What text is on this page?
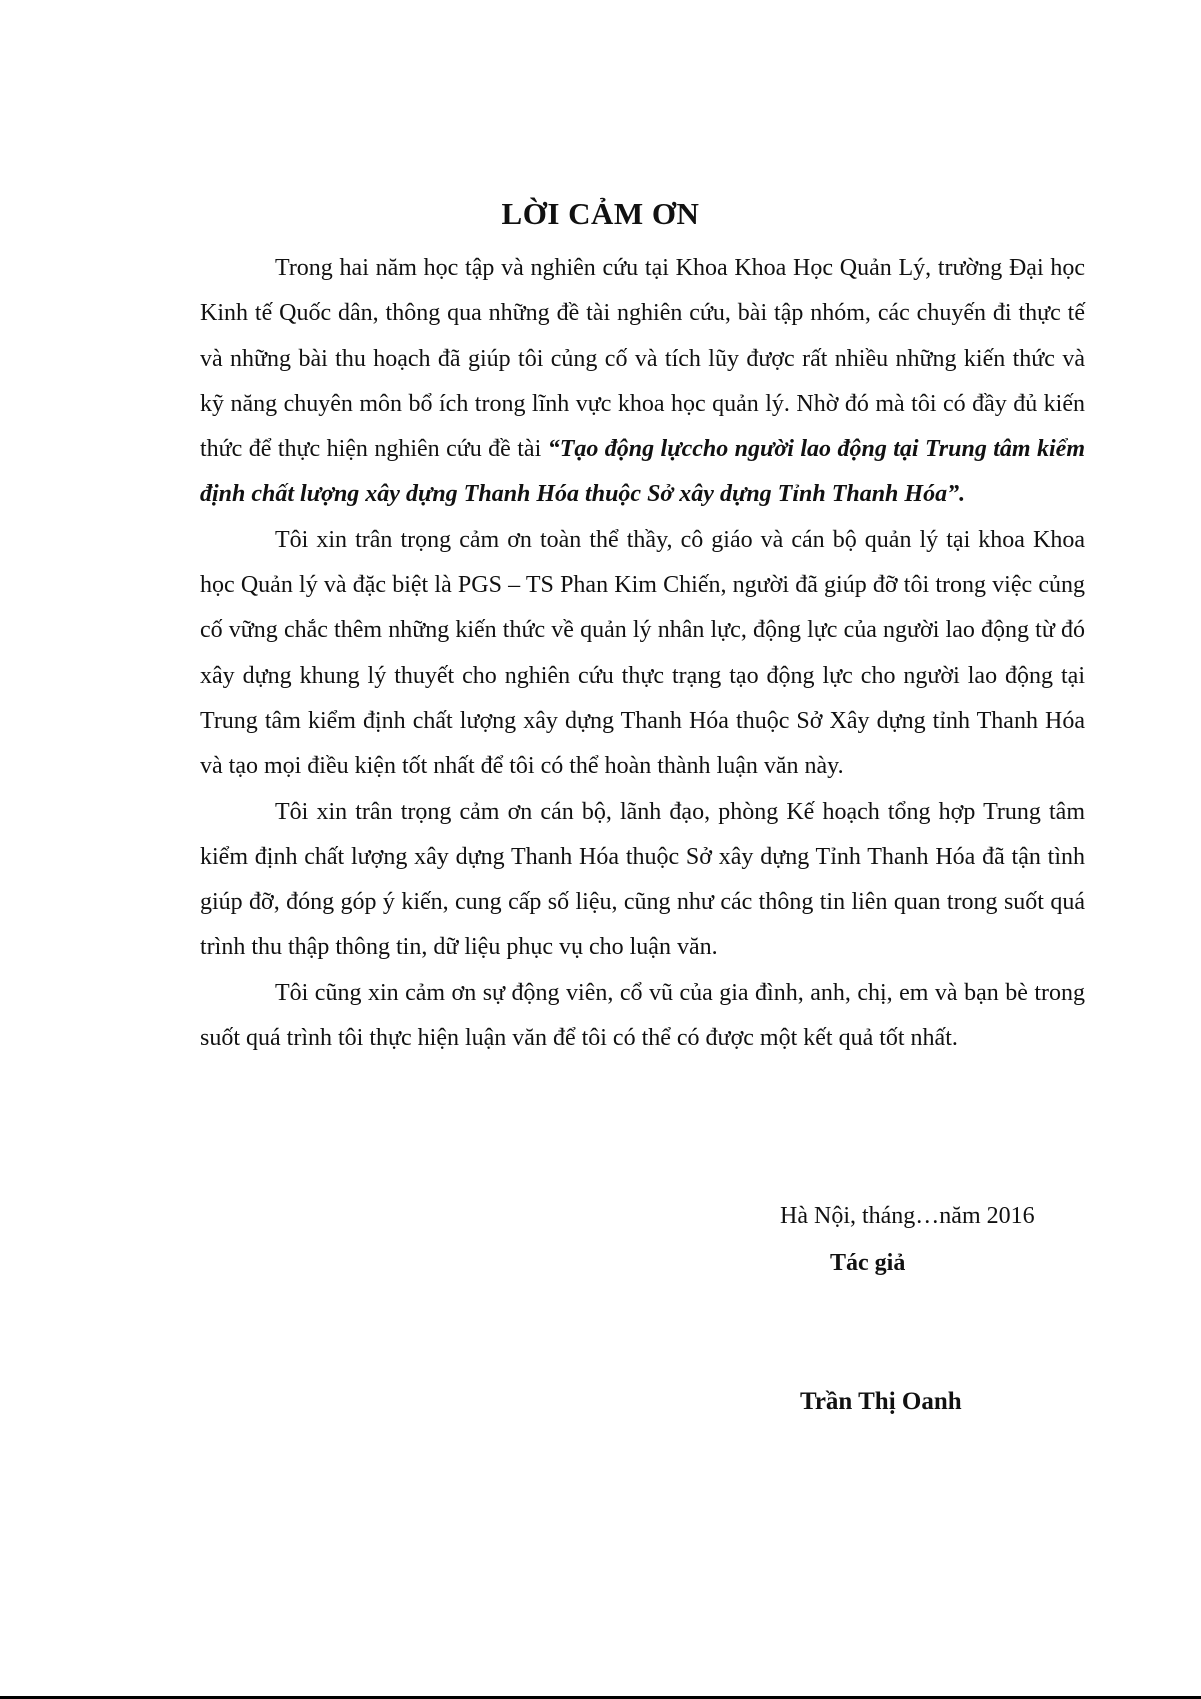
LỜI CẢM ƠN

Trong hai năm học tập và nghiên cứu tại Khoa Khoa Học Quản Lý, trường Đại học Kinh tế Quốc dân, thông qua những đề tài nghiên cứu, bài tập nhóm, các chuyến đi thực tế và những bài thu hoạch đã giúp tôi củng cố và tích lũy được rất nhiều những kiến thức và kỹ năng chuyên môn bổ ích trong lĩnh vực khoa học quản lý. Nhờ đó mà tôi có đầy đủ kiến thức để thực hiện nghiên cứu đề tài “Tạo động lựccho người lao động tại Trung tâm kiểm định chất lượng xây dựng Thanh Hóa thuộc Sở xây dựng Tỉnh Thanh Hóa”.

Tôi xin trân trọng cảm ơn toàn thể thầy, cô giáo và cán bộ quản lý tại khoa Khoa học Quản lý và đặc biệt là PGS – TS Phan Kim Chiến, người đã giúp đỡ tôi trong việc củng cố vững chắc thêm những kiến thức về quản lý nhân lực, động lực của người lao động từ đó xây dựng khung lý thuyết cho nghiên cứu thực trạng tạo động lực cho người lao động tại Trung tâm kiểm định chất lượng xây dựng Thanh Hóa thuộc Sở Xây dựng tỉnh Thanh Hóa và tạo mọi điều kiện tốt nhất để tôi có thể hoàn thành luận văn này.

Tôi xin trân trọng cảm ơn cán bộ, lãnh đạo, phòng Kế hoạch tổng hợp Trung tâm kiểm định chất lượng xây dựng Thanh Hóa thuộc Sở xây dựng Tỉnh Thanh Hóa đã tận tình giúp đỡ, đóng góp ý kiến, cung cấp số liệu, cũng như các thông tin liên quan trong suốt quá trình thu thập thông tin, dữ liệu phục vụ cho luận văn.

Tôi cũng xin cảm ơn sự động viên, cổ vũ của gia đình, anh, chị, em và bạn bè trong suốt quá trình tôi thực hiện luận văn để tôi có thể có được một kết quả tốt nhất.

Hà Nội, tháng…năm 2016
Tác giả
Trần Thị Oanh
